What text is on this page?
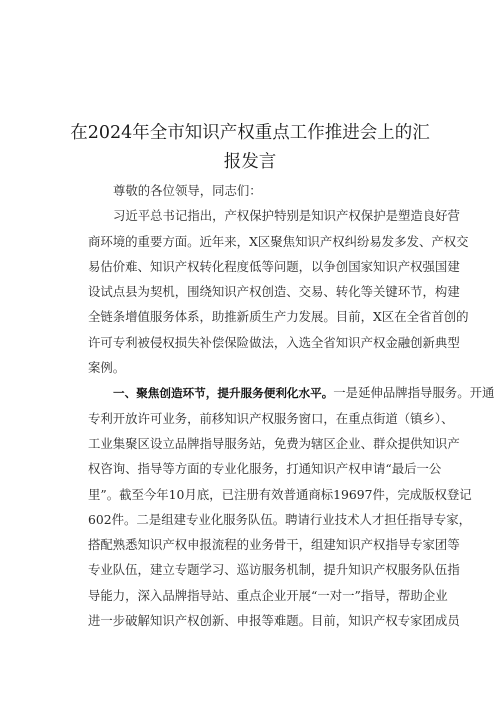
在2024年全市知识产权重点工作推进会上的汇
报发言
尊敬的各位领导，同志们：
习近平总书记指出，产权保护特别是知识产权保护是塑造良好营
商环境的重要方面。近年来，X区聚焦知识产权纠纷易发多发、产权交
易估价难、知识产权转化程度低等问题，以争创国家知识产权强国建
设试点县为契机，围绕知识产权创造、交易、转化等关键环节，构建
全链条增值服务体系，助推新质生产力发展。目前，X区在全省首创的
许可专利被侵权损失补偿保险做法，入选全省知识产权金融创新典型
案例。
一、聚焦创造环节，提升服务便利化水平。一是延伸品牌指导服务。开通
专利开放许可业务，前移知识产权服务窗口，在重点街道（镇乡）、
工业集聚区设立品牌指导服务站，免费为辖区企业、群众提供知识产
权咨询、指导等方面的专业化服务，打通知识产权申请“最后一公
里”。截至今年10月底，已注册有效普通商标19697件，完成版权登记
602件。二是组建专业化服务队伍。聘请行业技术人才担任指导专家，
搭配熟悉知识产权申报流程的业务骨干，组建知识产权指导专家团等
专业队伍，建立专题学习、巡访服务机制，提升知识产权服务队伍指
导能力，深入品牌指导站、重点企业开展“一对一”指导，帮助企业
进一步破解知识产权创新、申报等难题。目前，知识产权专家团成员
